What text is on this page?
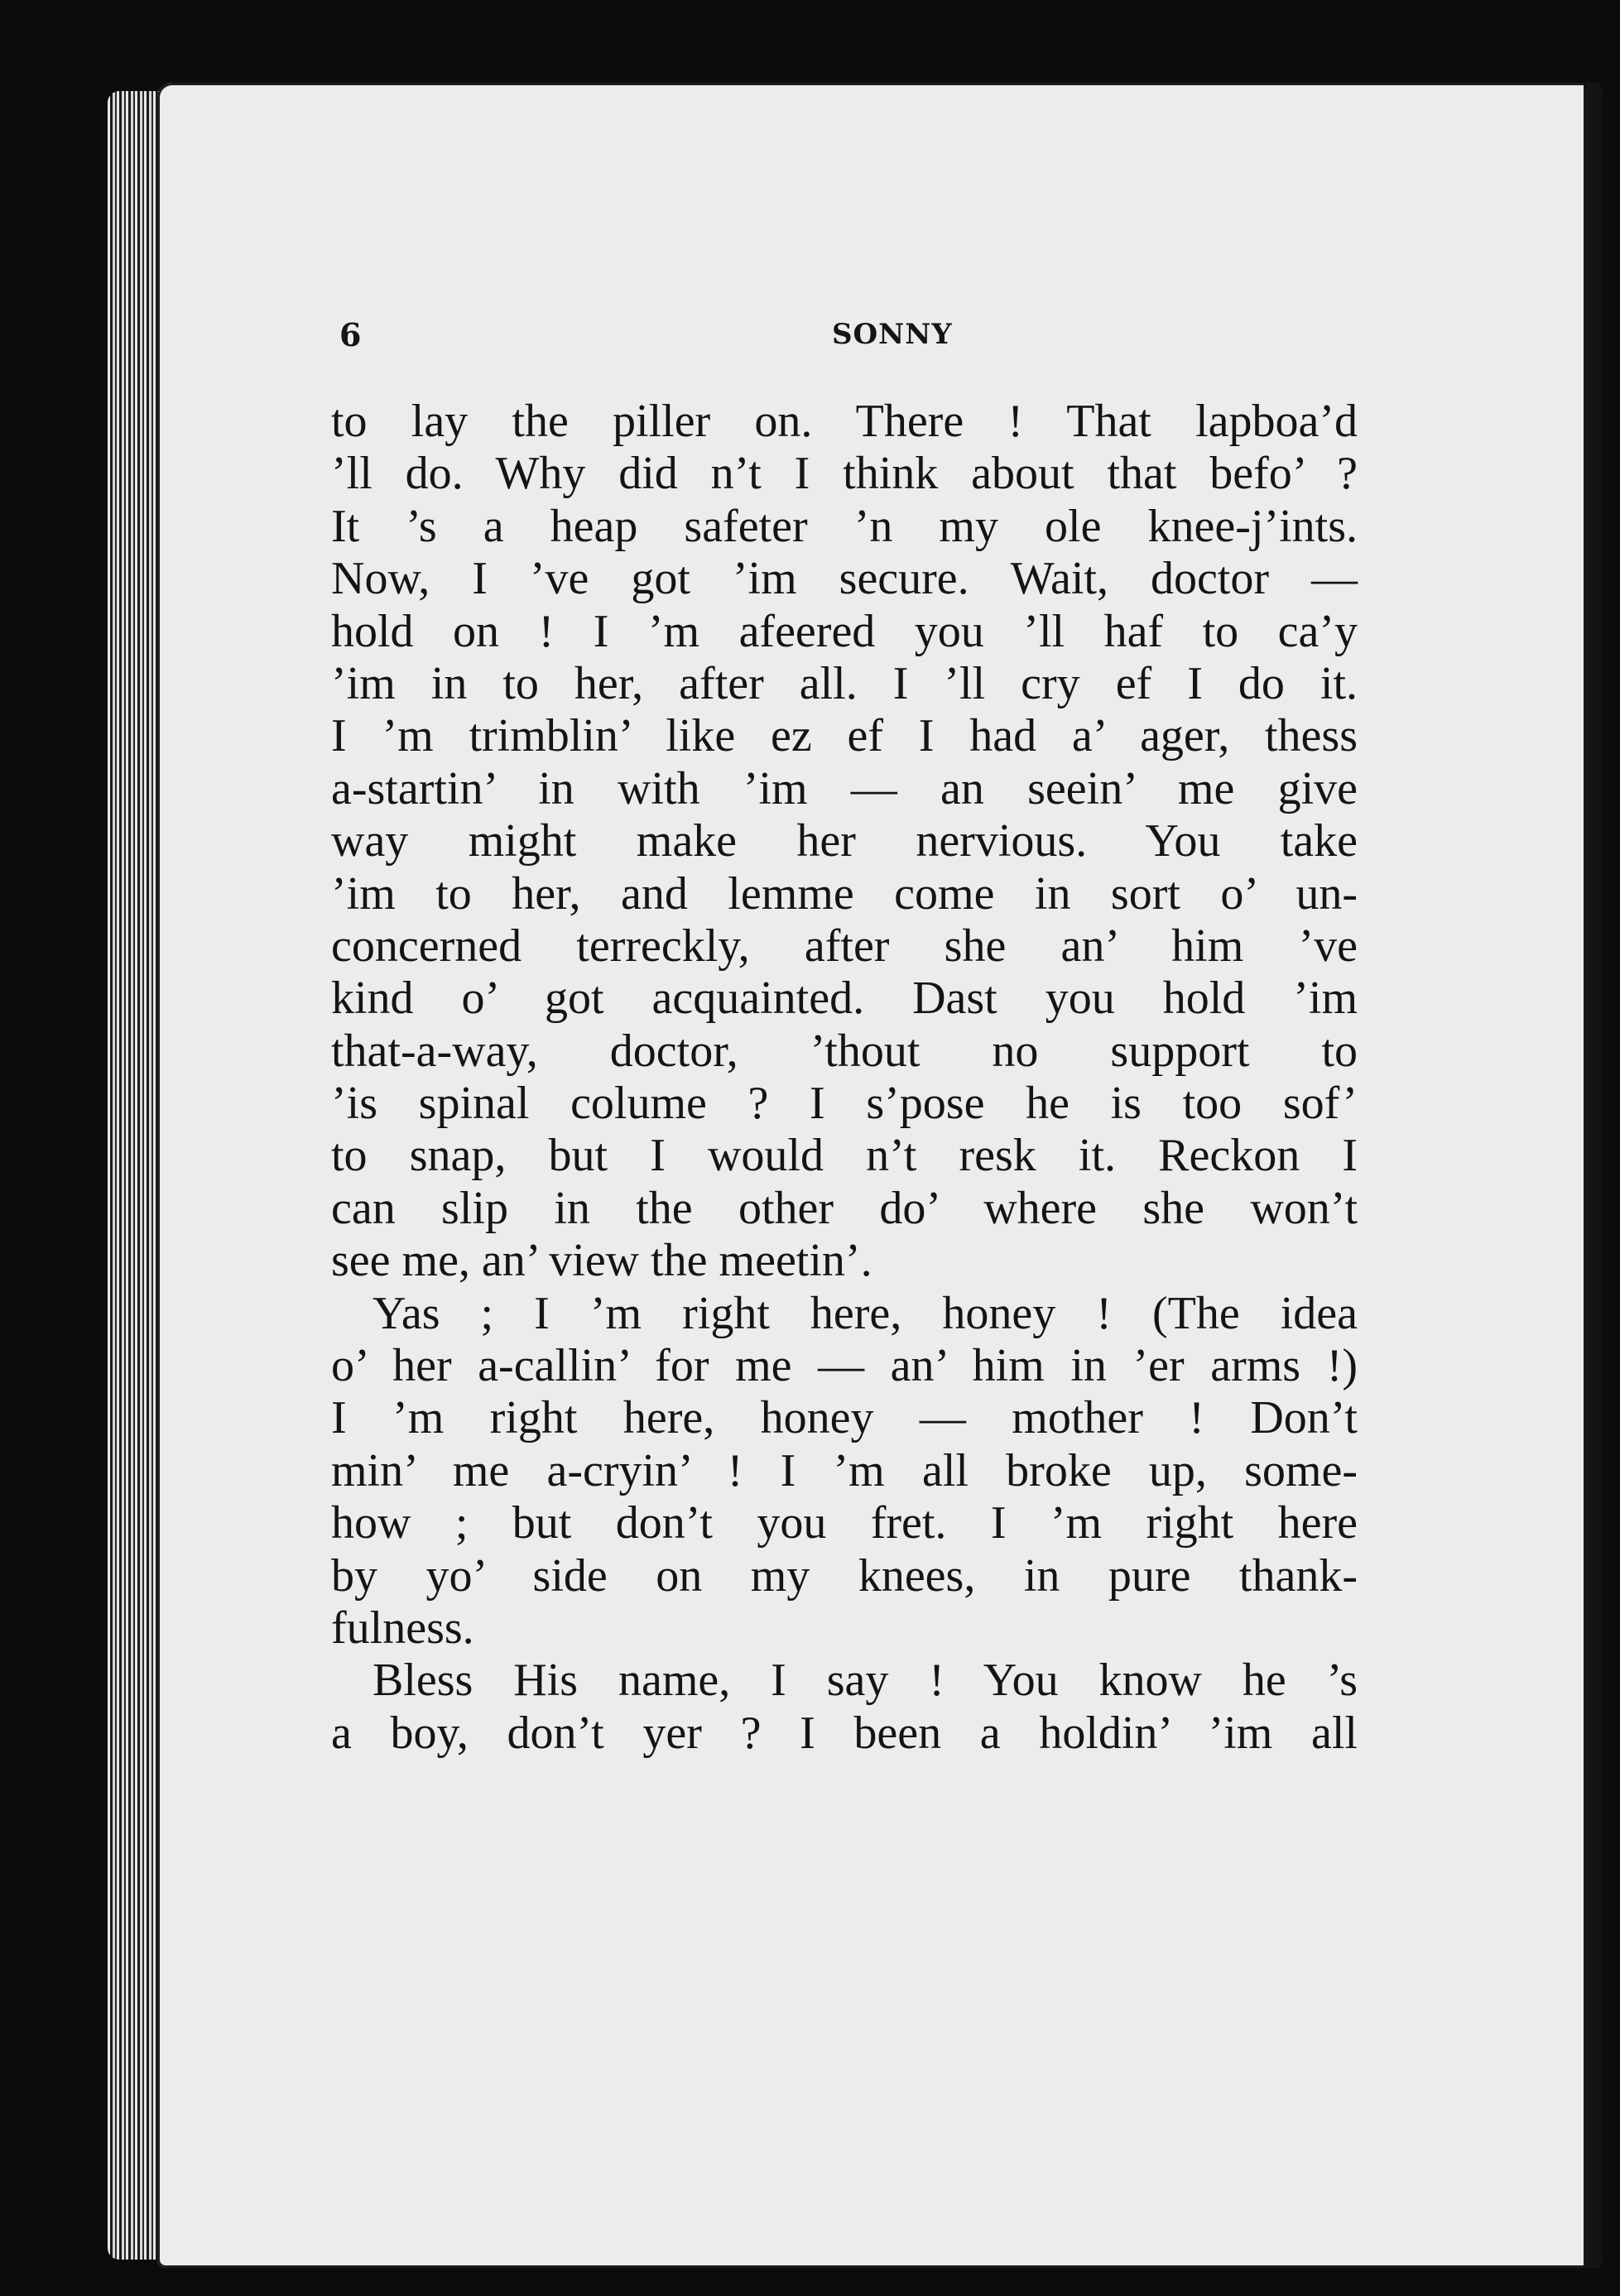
6	SONNY
to lay the piller on. There ! That lapboa’d
’ll do. Why did n’t I think about that befo’ ?
It ’s a heap safeter ’n my ole knee-j’ints.
Now, I ’ve got ’im secure. Wait, doctor —
hold on ! I ’m afeered you ’ll haf to ca’y
’im in to her, after all. I ’ll cry ef I do it.
I ’m trimblin’ like ez ef I had a’ ager, thess
a-startin’ in with ’im — an seein’ me give
way might make her nervious. You take
’im to her, and lemme come in sort o’ un-
concerned terreckly, after she an’ him ’ve
kind o’ got acquainted. Dast you hold ’im
that-a-way, doctor, ’thout no support to
’is spinal colume ? I s’pose he is too sof’
to snap, but I would n’t resk it. Reckon I
can slip in the other do’ where she won’t
see me, an’ view the meetin’.
Yas ; I ’m right here, honey ! (The idea
o’ her a-callin’ for me — an’ him in ’er arms !)
I ’m right here, honey — mother ! Don’t
min’ me a-cryin’ ! I ’m all broke up, some-
how ; but don’t you fret. I ’m right here
by yo’ side on my knees, in pure thank-
fulness.
Bless His name, I say ! You know he ’s
a boy, don’t yer ? I been a holdin’ ’im all
